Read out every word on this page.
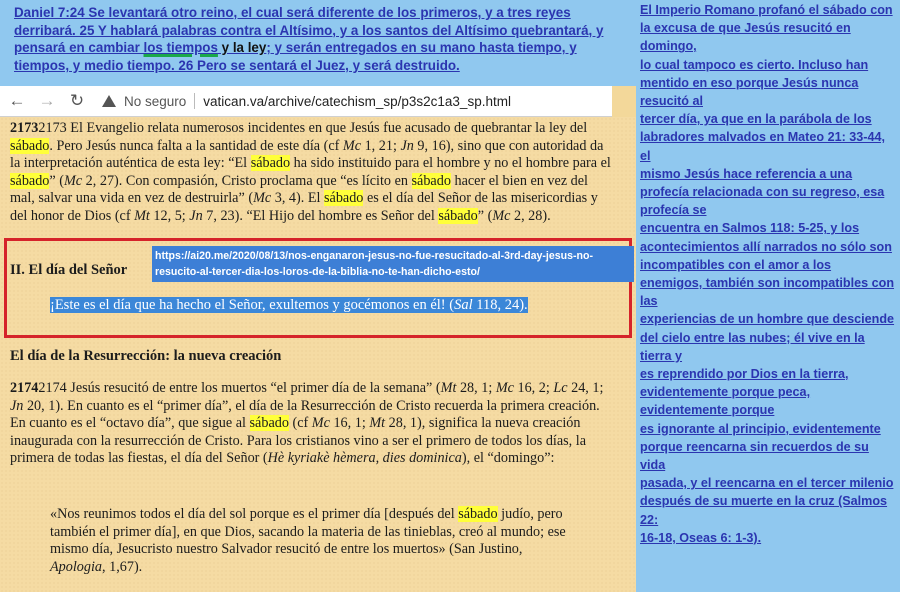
Daniel 7:24 Se levantará otro reino, el cual será diferente de los primeros, y a tres reyes derribará. 25 Y hablará palabras contra el Altísimo, y a los santos del Altísimo quebrantará, y pensará en cambiar los tiempos y la ley; y serán entregados en su mano hasta tiempo, y tiempos, y medio tiempo. 26 Pero se sentará el Juez, y será destruido.

← → ↻	No seguro vatican.va/archive/catechism_sp/p3s2c1a3_sp.html
21732173 El Evangelio relata numerosos incidentes en que Jesús fue acusado de quebrantar la ley del sábado. Pero Jesús nunca falta a la santidad de este día (cf Mc 1, 21; Jn 9, 16), sino que con autoridad da la interpretación auténtica de esta ley: “El sábado ha sido instituido para el hombre y no el hombre para el sábado” (Mc 2, 27). Con compasión, Cristo proclama que “es lícito en sábado hacer el bien en vez del mal, salvar una vida en vez de destruirla” (Mc 3, 4). El sábado es el día del Señor de las misericordias y del honor de Dios (cf Mt 12, 5; Jn 7, 23). “El Hijo del hombre es Señor del sábado” (Mc 2, 28).
II. El día del Señor
https://ai20.me/2020/08/13/nos-enganaron-jesus-no-fue-resucitado-al-3rd-day-jesus-no-resucito-al-tercer-dia-los-loros-de-la-biblia-no-te-han-dicho-esto/
¡Este es el día que ha hecho el Señor, exultemos y gocémonos en él! (Sal 118, 24).
El día de la Resurrección: la nueva creación
21742174 Jesús resucitó de entre los muertos “el primer día de la semana” (Mt 28, 1; Mc 16, 2; Lc 24, 1; Jn 20, 1). En cuanto es el “primer día”, el día de la Resurrección de Cristo recuerda la primera creación. En cuanto es el “octavo día”, que sigue al sábado (cf Mc 16, 1; Mt 28, 1), significa la nueva creación inaugurada con la resurrección de Cristo. Para los cristianos vino a ser el primero de todos los días, la primera de todas las fiestas, el día del Señor (Hè kyriakè hèmera, dies dominica), el “domingo”:
«Nos reunimos todos el día del sol porque es el primer día [después del sábado judío, pero también el primer día], en que Dios, sacando la materia de las tinieblas, creó al mundo; ese mismo día, Jesucristo nuestro Salvador resucitó de entre los muertos» (San Justino, Apologia, 1,67).

El Imperio Romano profanó el sábado con la excusa de que Jesús resucitó en domingo,
lo cual tampoco es cierto. Incluso han mentido en eso porque Jesús nunca resucitó al
tercer día, ya que en la parábola de los labradores malvados en Mateo 21: 33-44, el
mismo Jesús hace referencia a una profecía relacionada con su regreso, esa profecía se
encuentra en Salmos 118: 5-25, y los acontecimientos allí narrados no sólo son
incompatibles con el amor a los enemigos, también son incompatibles con las
experiencias de un hombre que desciende del cielo entre las nubes; él vive en la tierra y
es reprendido por Dios en la tierra, evidentemente porque peca, evidentemente porque
es ignorante al principio, evidentemente porque reencarna sin recuerdos de su vida
pasada, y el reencarna en el tercer milenio después de su muerte en la cruz (Salmos 22:
16-18, Oseas 6: 1-3).
